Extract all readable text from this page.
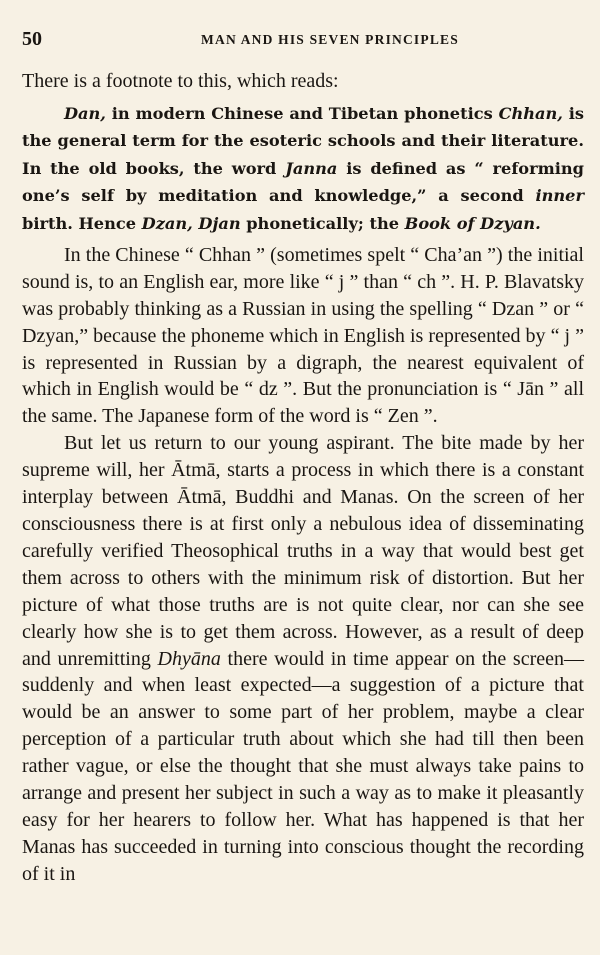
50	MAN AND HIS SEVEN PRINCIPLES

There is a footnote to this, which reads:

Dan, in modern Chinese and Tibetan phonetics Chhan, is the general term for the esoteric schools and their literature. In the old books, the word Janna is defined as “ reforming one’s self by meditation and knowledge,” a second inner birth. Hence Dzan, Djan phonetically; the Book of Dzyan.

In the Chinese “ Chhan ” (sometimes spelt “ Cha’an ”) the initial sound is, to an English ear, more like “ j ” than “ ch ”. H. P. Blavatsky was probably thinking as a Russian in using the spelling “ Dzan ” or “ Dzyan,” because the phoneme which in English is represented by “ j ” is represented in Russian by a digraph, the nearest equivalent of which in English would be “ dz ”. But the pronunciation is “ Jān ” all the same. The Japanese form of the word is “ Zen ”.

But let us return to our young aspirant. The bite made by her supreme will, her Ātmā, starts a process in which there is a constant interplay between Ātmā, Buddhi and Manas. On the screen of her consciousness there is at first only a nebulous idea of disseminating carefully verified Theosophical truths in a way that would best get them across to others with the minimum risk of distortion. But her picture of what those truths are is not quite clear, nor can she see clearly how she is to get them across. However, as a result of deep and unremitting Dhyāna there would in time appear on the screen—suddenly and when least expected—a suggestion of a picture that would be an answer to some part of her problem, maybe a clear perception of a particular truth about which she had till then been rather vague, or else the thought that she must always take pains to arrange and present her subject in such a way as to make it pleasantly easy for her hearers to follow her. What has happened is that her Manas has succeeded in turning into conscious thought the recording of it in
